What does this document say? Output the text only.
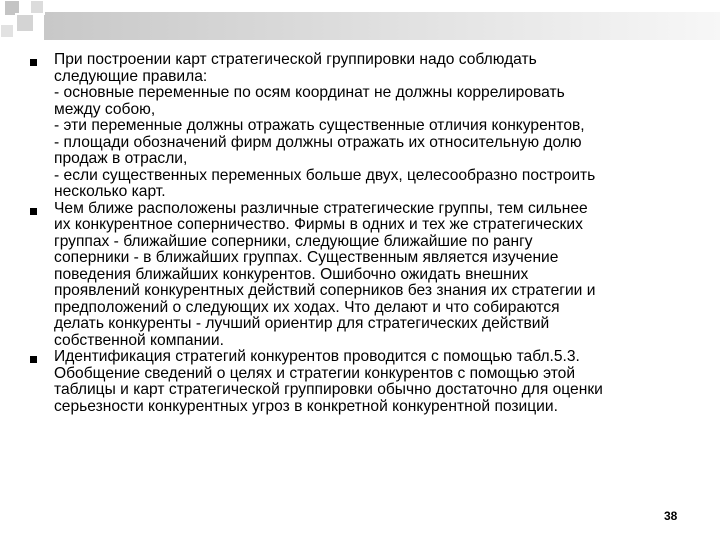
При построении карт стратегической группировки надо соблюдать
следующие правила:
- основные переменные по осям координат не должны коррелировать
между собою,
- эти переменные должны отражать существенные отличия конкурентов,
- площади обозначений фирм должны отражать их относительную долю
продаж в отрасли,
- если существенных переменных больше двух, целесообразно построить
несколько карт.
Чем ближе расположены различные стратегические группы, тем сильнее
их конкурентное соперничество. Фирмы в одних и тех же стратегических
группах - ближайшие соперники, следующие ближайшие по рангу
соперники - в ближайших группах. Существенным является изучение
поведения ближайших конкурентов. Ошибочно ожидать внешних
проявлений конкурентных действий соперников без знания их стратегии и
предположений о следующих их ходах. Что делают и что собираются
делать конкуренты - лучший ориентир для стратегических действий
собственной компании.
Идентификация стратегий конкурентов проводится с помощью табл.5.3.
Обобщение сведений о целях и стратегии конкурентов с помощью этой
таблицы и карт стратегической группировки обычно достаточно для оценки
серьезности конкурентных угроз в конкретной конкурентной позиции.
38
